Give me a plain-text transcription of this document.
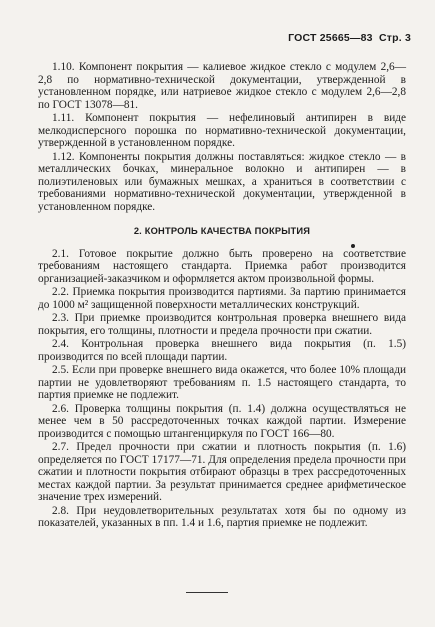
ГОСТ 25665—83 Стр. 3

1.10. Компонент покрытия — калиевое жидкое стекло с модулем 2,6—2,8 по нормативно-технической документации, утвержденной в установленном порядке, или натриевое жидкое стекло с модулем 2,6—2,8 по ГОСТ 13078—81.

1.11. Компонент покрытия — нефелиновый антипирен в виде мелкодисперсного порошка по нормативно-технической документации, утвержденной в установленном порядке.

1.12. Компоненты покрытия должны поставляться: жидкое стекло — в металлических бочках, минеральное волокно и антипирен — в полиэтиленовых или бумажных мешках, а храниться в соответствии с требованиями нормативно-технической документации, утвержденной в установленном порядке.

2. КОНТРОЛЬ КАЧЕСТВА ПОКРЫТИЯ

2.1. Готовое покрытие должно быть проверено на соответствие требованиям настоящего стандарта. Приемка работ производится организацией-заказчиком и оформляется актом произвольной формы.

2.2. Приемка покрытия производится партиями. За партию принимается до 1000 м² защищенной поверхности металлических конструкций.

2.3. При приемке производится контрольная проверка внешнего вида покрытия, его толщины, плотности и предела прочности при сжатии.

2.4. Контрольная проверка внешнего вида покрытия (п. 1.5) производится по всей площади партии.

2.5. Если при проверке внешнего вида окажется, что более 10% площади партии не удовлетворяют требованиям п. 1.5 настоящего стандарта, то партия приемке не подлежит.

2.6. Проверка толщины покрытия (п. 1.4) должна осуществляться не менее чем в 50 рассредоточенных точках каждой партии. Измерение производится с помощью штангенциркуля по ГОСТ 166—80.

2.7. Предел прочности при сжатии и плотность покрытия (п. 1.6) определяется по ГОСТ 17177—71. Для определения предела прочности при сжатии и плотности покрытия отбирают образцы в трех рассредоточенных местах каждой партии. За результат принимается среднее арифметическое значение трех измерений.

2.8. При неудовлетворительных результатах хотя бы по одному из показателей, указанных в пп. 1.4 и 1.6, партия приемке не подлежит.
